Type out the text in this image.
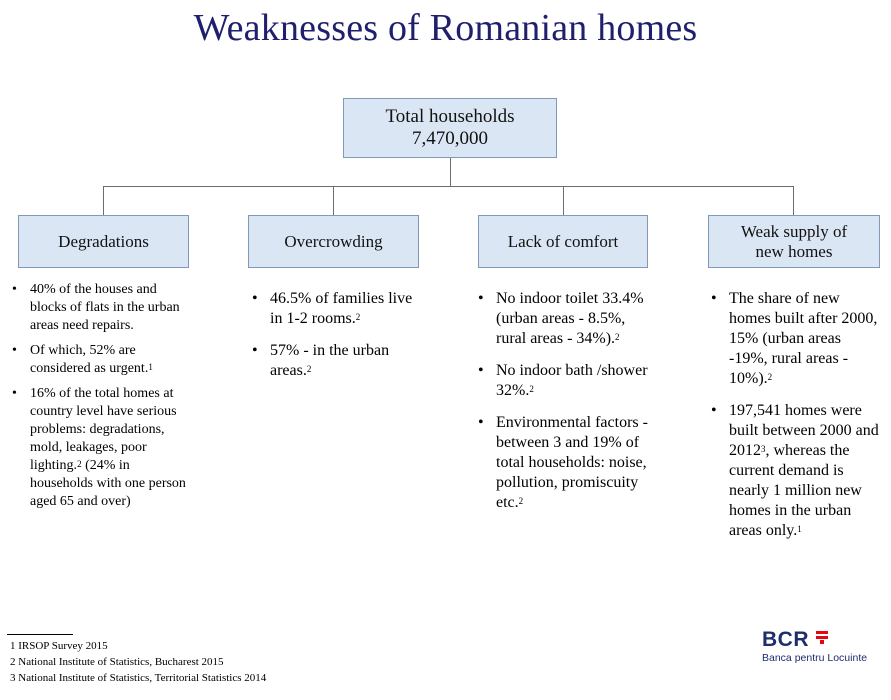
Weaknesses of Romanian homes
Total households
7,470,000
Degradations	Overcrowding	Lack of comfort
Weak supply of new homes
• 40% of the houses and blocks of flats in the urban areas need repairs.
• Of which, 52% are considered as urgent.$^1$
• 16% of the total homes at country level have serious problems: degradations, mold, leakages, poor lighting.$^2$ (24% in households with one person aged 65 and over)
• 46.5% of families live in 1-2 rooms.$^2$
• 57% - in the urban areas.$^2$
• No indoor toilet 33.4% (urban areas - 8.5%, rural areas - 34%).$^2$
• No indoor bath /shower 32%.$^2$
• Environmental factors - between 3 and 19% of total households: noise, pollution, promiscuity etc.$^2$
• The share of new homes built after 2000, 15% (urban areas -19%, rural areas - 10%).$^2$
• 197,541 homes were built between 2000 and 2012$^3$, whereas the current demand is nearly 1 million new homes in the urban areas only.$^1$
1 IRSOP Survey 2015
2 National Institute of Statistics, Bucharest 2015
3 National Institute of Statistics, Territorial Statistics 2014
BCR
Banca pentru Locuinte
